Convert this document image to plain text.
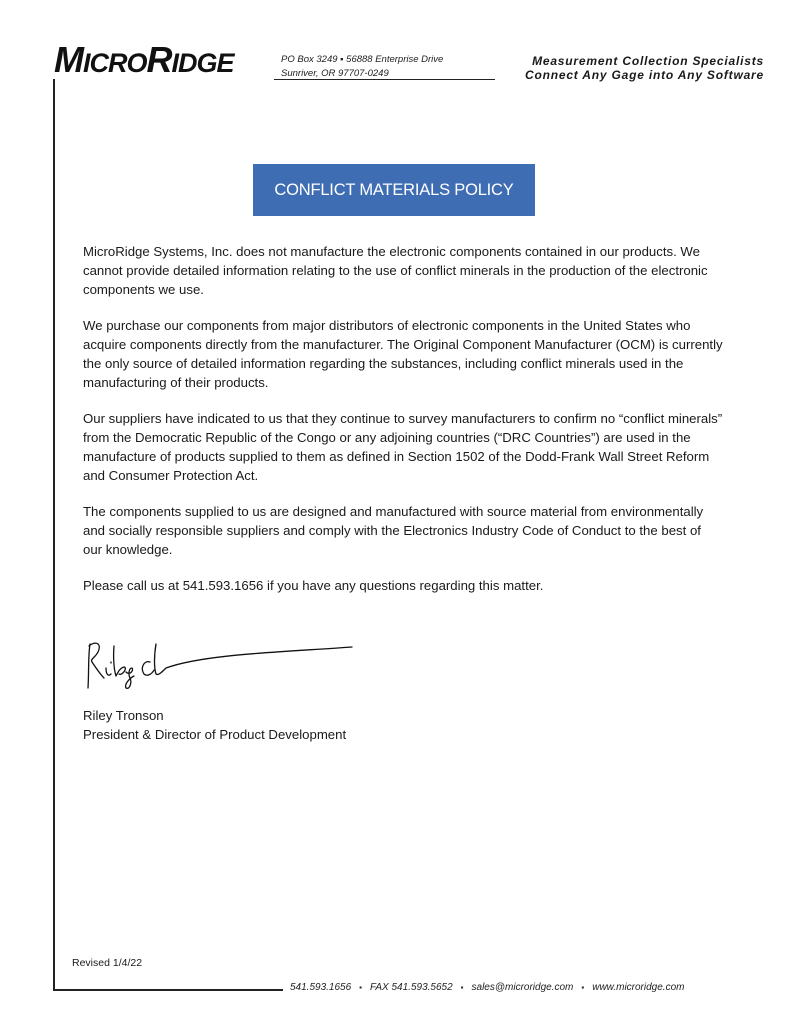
MICRORIDGE	PO Box 3249 ▪ 56888 Enterprise Drive
Sunriver, OR 97707-0249
Measurement Collection Specialists
Connect Any Gage into Any Software
CONFLICT MATERIALS POLICY

MicroRidge Systems, Inc. does not manufacture the electronic components contained in our products. We cannot provide detailed information relating to the use of conflict minerals in the production of the electronic components we use.

We purchase our components from major distributors of electronic components in the United States who acquire components directly from the manufacturer. The Original Component Manufacturer (OCM) is currently the only source of detailed information regarding the substances, including conflict minerals used in the manufacturing of their products.

Our suppliers have indicated to us that they continue to survey manufacturers to confirm no “conflict minerals” from the Democratic Republic of the Congo or any adjoining countries (“DRC Countries”) are used in the manufacture of products supplied to them as defined in Section 1502 of the Dodd-Frank Wall Street Reform and Consumer Protection Act.

The components supplied to us are designed and manufactured with source material from environmentally and socially responsible suppliers and comply with the Electronics Industry Code of Conduct to the best of our knowledge.

Please call us at 541.593.1656 if you have any questions regarding this matter.

Riley Tronson
President & Director of Product Development
Revised 1/4/22
541.593.1656 ▪ FAX 541.593.5652 ▪ sales@microridge.com ▪ www.microridge.com
